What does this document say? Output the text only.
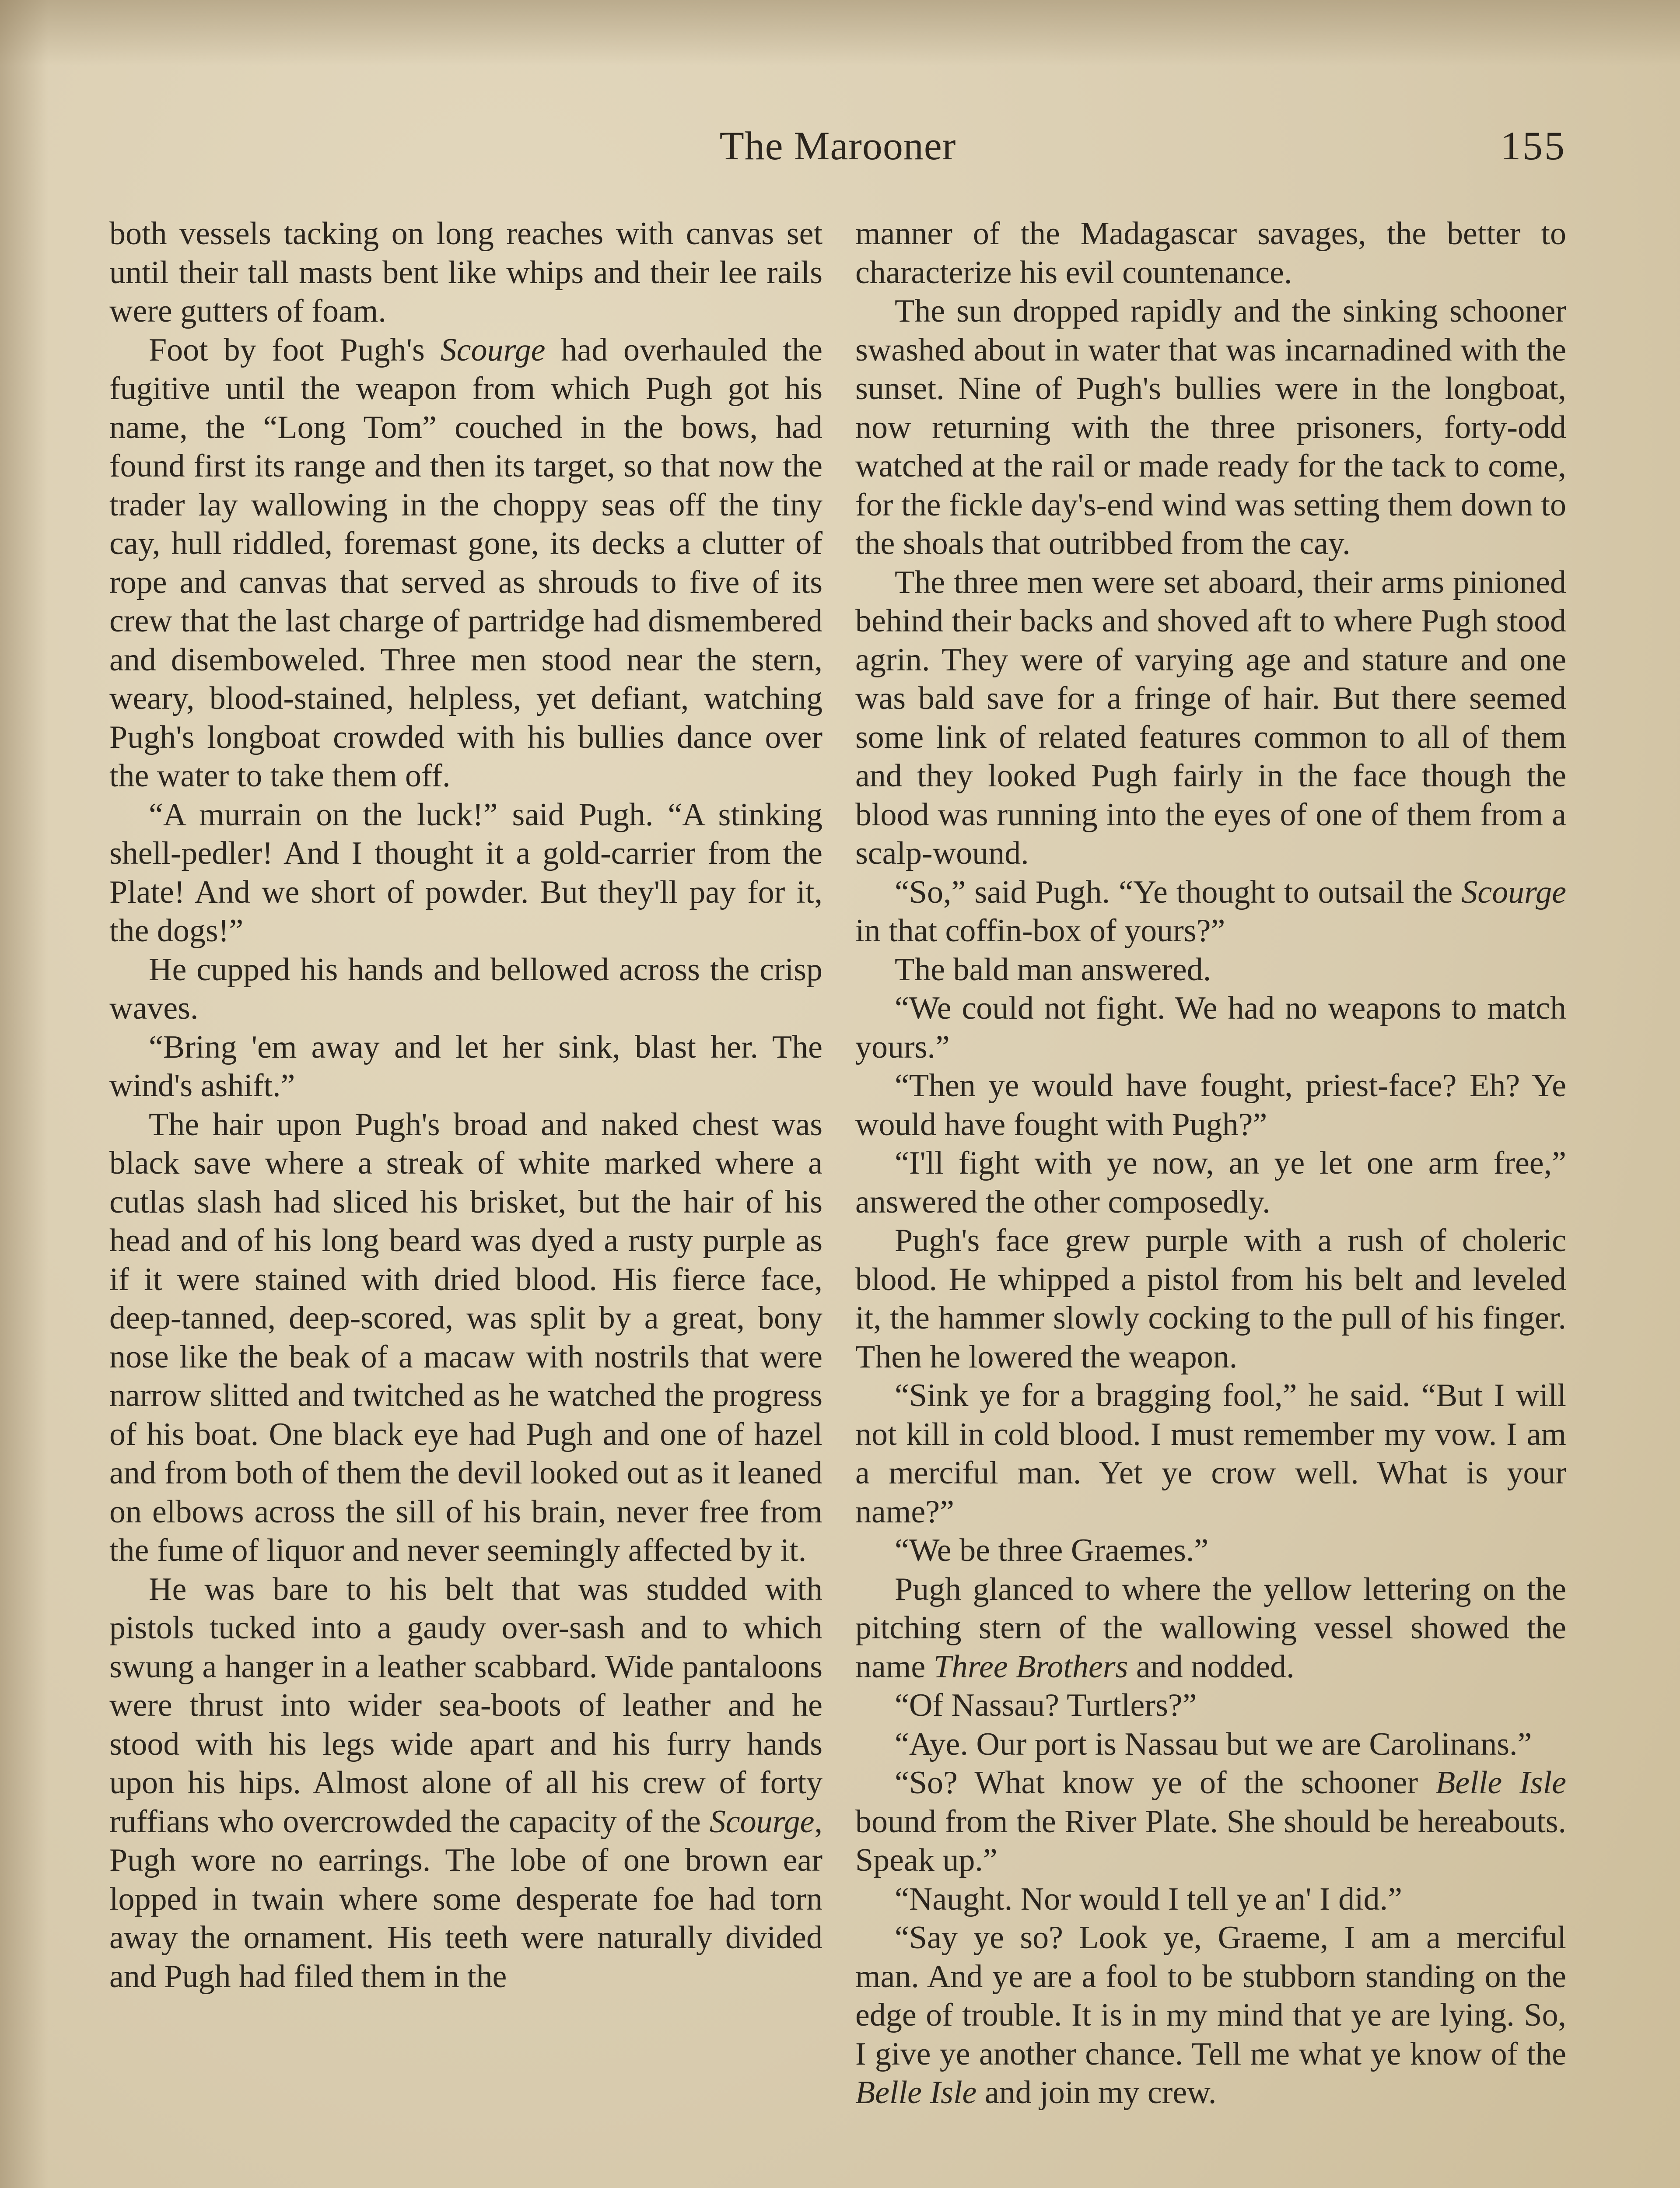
The Marooner	155

both vessels tacking on long reaches with canvas set until their tall masts bent like whips and their lee rails were gutters of foam.

Foot by foot Pugh's Scourge had overhauled the fugitive until the weapon from which Pugh got his name, the “Long Tom” couched in the bows, had found first its range and then its target, so that now the trader lay wallowing in the choppy seas off the tiny cay, hull riddled, foremast gone, its decks a clutter of rope and canvas that served as shrouds to five of its crew that the last charge of partridge had dismembered and disemboweled. Three men stood near the stern, weary, blood-stained, helpless, yet defiant, watching Pugh's longboat crowded with his bullies dance over the water to take them off.

“A murrain on the luck!” said Pugh. “A stinking shell-pedler! And I thought it a gold-carrier from the Plate! And we short of powder. But they'll pay for it, the dogs!”

He cupped his hands and bellowed across the crisp waves.

“Bring 'em away and let her sink, blast her. The wind's ashift.”

The hair upon Pugh's broad and naked chest was black save where a streak of white marked where a cutlas slash had sliced his brisket, but the hair of his head and of his long beard was dyed a rusty purple as if it were stained with dried blood. His fierce face, deep-tanned, deep-scored, was split by a great, bony nose like the beak of a macaw with nostrils that were narrow slitted and twitched as he watched the progress of his boat. One black eye had Pugh and one of hazel and from both of them the devil looked out as it leaned on elbows across the sill of his brain, never free from the fume of liquor and never seemingly affected by it.

He was bare to his belt that was studded with pistols tucked into a gaudy over-sash and to which swung a hanger in a leather scabbard. Wide pantaloons were thrust into wider sea-boots of leather and he stood with his legs wide apart and his furry hands upon his hips. Almost alone of all his crew of forty ruffians who overcrowded the capacity of the Scourge, Pugh wore no earrings. The lobe of one brown ear lopped in twain where some desperate foe had torn away the ornament. His teeth were naturally divided and Pugh had filed them in the

manner of the Madagascar savages, the better to characterize his evil countenance.

The sun dropped rapidly and the sinking schooner swashed about in water that was incarnadined with the sunset. Nine of Pugh's bullies were in the longboat, now returning with the three prisoners, forty-odd watched at the rail or made ready for the tack to come, for the fickle day's-end wind was setting them down to the shoals that outribbed from the cay.

The three men were set aboard, their arms pinioned behind their backs and shoved aft to where Pugh stood agrin. They were of varying age and stature and one was bald save for a fringe of hair. But there seemed some link of related features common to all of them and they looked Pugh fairly in the face though the blood was running into the eyes of one of them from a scalp-wound.

“So,” said Pugh. “Ye thought to outsail the Scourge in that coffin-box of yours?”

The bald man answered.

“We could not fight. We had no weapons to match yours.”

“Then ye would have fought, priest-face? Eh? Ye would have fought with Pugh?”

“I'll fight with ye now, an ye let one arm free,” answered the other composedly.

Pugh's face grew purple with a rush of choleric blood. He whipped a pistol from his belt and leveled it, the hammer slowly cocking to the pull of his finger. Then he lowered the weapon.

“Sink ye for a bragging fool,” he said. “But I will not kill in cold blood. I must remember my vow. I am a merciful man. Yet ye crow well. What is your name?”

“We be three Graemes.”

Pugh glanced to where the yellow lettering on the pitching stern of the wallowing vessel showed the name Three Brothers and nodded.

“Of Nassau? Turtlers?”

“Aye. Our port is Nassau but we are Carolinans.”

“So? What know ye of the schooner Belle Isle bound from the River Plate. She should be hereabouts. Speak up.”

“Naught. Nor would I tell ye an' I did.”

“Say ye so? Look ye, Graeme, I am a merciful man. And ye are a fool to be stubborn standing on the edge of trouble. It is in my mind that ye are lying. So, I give ye another chance. Tell me what ye know of the Belle Isle and join my crew.
